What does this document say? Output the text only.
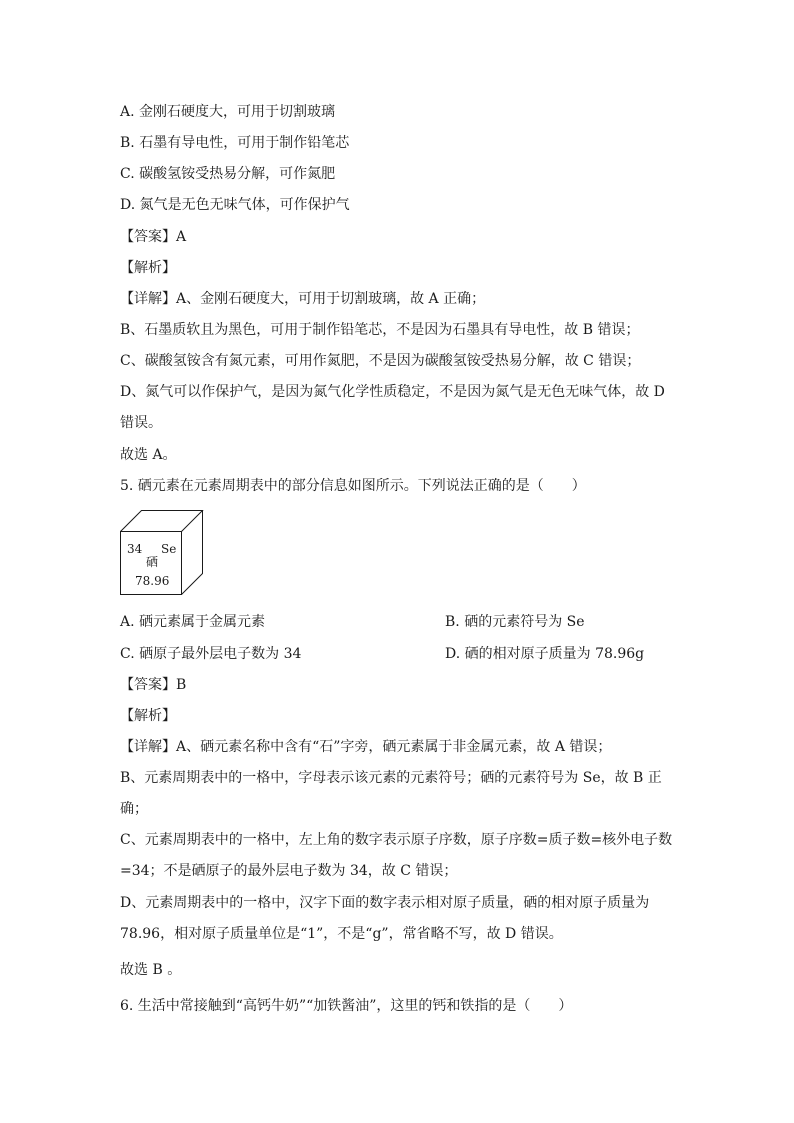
A. 金刚石硬度大，可用于切割玻璃
B. 石墨有导电性，可用于制作铅笔芯
C. 碳酸氢铵受热易分解，可作氮肥
D. 氮气是无色无味气体，可作保护气
【答案】A
【解析】
【详解】A、金刚石硬度大，可用于切割玻璃，故 A 正确；
B、石墨质软且为黑色，可用于制作铅笔芯，不是因为石墨具有导电性，故 B 错误；
C、碳酸氢铵含有氮元素，可用作氮肥，不是因为碳酸氢铵受热易分解，故 C 错误；
D、氮气可以作保护气，是因为氮气化学性质稳定，不是因为氮气是无色无味气体，故 D
错误。
故选 A。
5. 硒元素在元素周期表中的部分信息如图所示。下列说法正确的是（　　）
34 Se
硒
78.96
A. 硒元素属于金属元素	B. 硒的元素符号为 Se
C. 硒原子最外层电子数为 34	D. 硒的相对原子质量为 78.96g
【答案】B
【解析】
【详解】A、硒元素名称中含有“石”字旁，硒元素属于非金属元素，故 A 错误；
B、元素周期表中的一格中，字母表示该元素的元素符号；硒的元素符号为 Se，故 B 正
确；
C、元素周期表中的一格中，左上角的数字表示原子序数，原子序数=质子数=核外电子数
=34；不是硒原子的最外层电子数为 34，故 C 错误；
D、元素周期表中的一格中，汉字下面的数字表示相对原子质量，硒的相对原子质量为
78.96，相对原子质量单位是“1”，不是“g”，常省略不写，故 D 错误。
故选 B 。
6. 生活中常接触到“高钙牛奶”“加铁酱油”，这里的钙和铁指的是（　　）
